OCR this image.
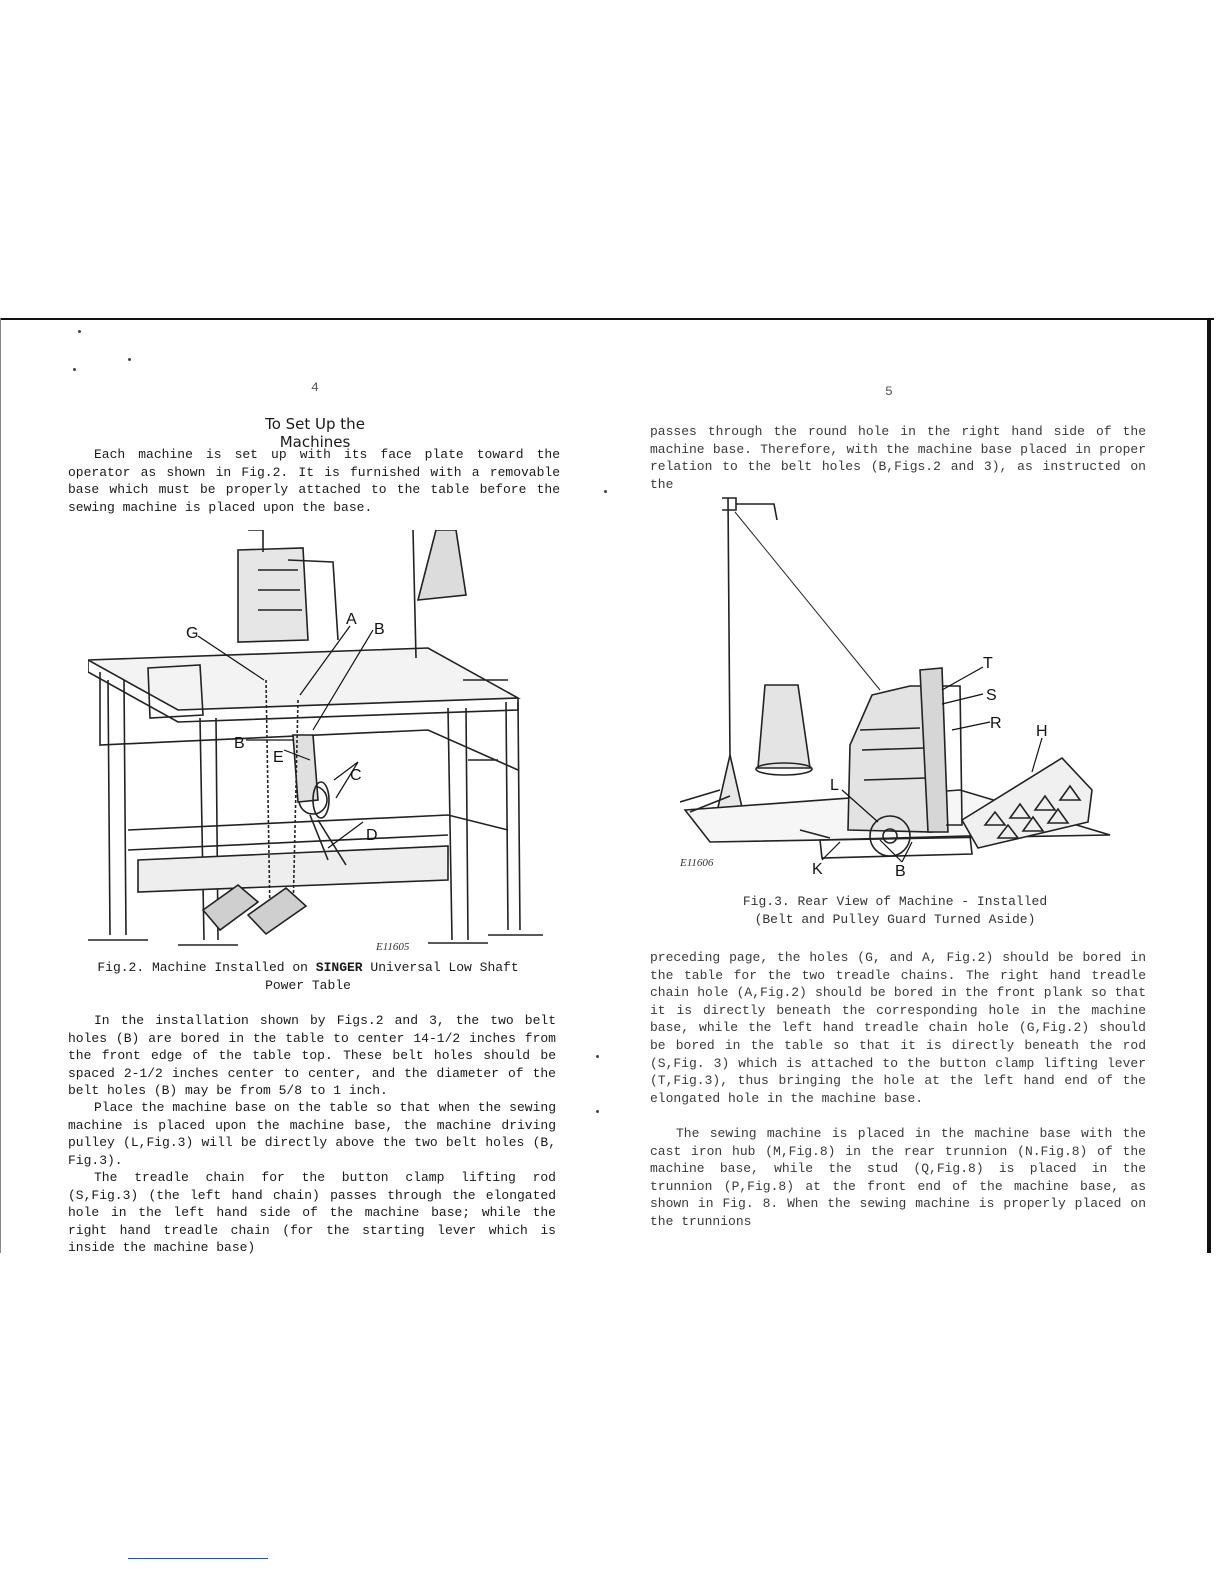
4
To Set Up the Machines

Each machine is set up with its face plate toward the operator as shown in Fig.2. It is furnished with a removable base which must be properly attached to the table before the sewing machine is placed upon the base.

G
A
B
B
E
C
D
E11605

Fig.2. Machine Installed on SINGER Universal Low Shaft
Power Table

In the installation shown by Figs.2 and 3, the two belt holes (B) are bored in the table to center 14-1/2 inches from the front edge of the table top. These belt holes should be spaced 2-1/2 inches center to center, and the diameter of the belt holes (B) may be from 5/8 to 1 inch.

Place the machine base on the table so that when the sewing machine is placed upon the machine base, the machine driving pulley (L,Fig.3) will be directly above the two belt holes (B, Fig.3).

The treadle chain for the button clamp lifting rod (S,Fig.3) (the left hand chain) passes through the elongated hole in the left hand side of the machine base; while the right hand treadle chain (for the starting lever which is inside the machine base)

5

passes through the round hole in the right hand side of the machine base. Therefore, with the machine base placed in proper relation to the belt holes (B,Figs.2 and 3), as instructed on the

T
S
R H
L
K	B
E11606

Fig.3. Rear View of Machine - Installed
(Belt and Pulley Guard Turned Aside)

preceding page, the holes (G, and A, Fig.2) should be bored in the table for the two treadle chains. The right hand treadle chain hole (A,Fig.2) should be bored in the front plank so that it is directly beneath the corresponding hole in the machine base, while the left hand treadle chain hole (G,Fig.2) should be bored in the table so that it is directly beneath the rod (S,Fig. 3) which is attached to the button clamp lifting lever (T,Fig.3), thus bringing the hole at the left hand end of the elongated hole in the machine base.

The sewing machine is placed in the machine base with the cast iron hub (M,Fig.8) in the rear trunnion (N.Fig.8) of the machine base, while the stud (Q,Fig.8) is placed in the trunnion (P,Fig.8) at the front end of the machine base, as shown in Fig. 8. When the sewing machine is properly placed on the trunnions
